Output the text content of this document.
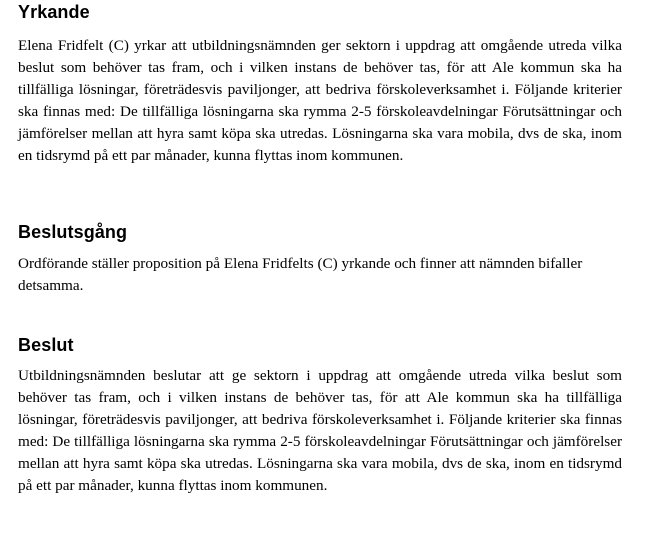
Yrkande

Elena Fridfelt (C) yrkar att utbildningsnämnden ger sektorn i uppdrag att omgående utreda vilka beslut som behöver tas fram, och i vilken instans de behöver tas, för att Ale kommun ska ha tillfälliga lösningar, företrädesvis paviljonger, att bedriva förskoleverksamhet i. Följande kriterier ska finnas med: De tillfälliga lösningarna ska rymma 2-5 förskoleavdelningar Förutsättningar och jämförelser mellan att hyra samt köpa ska utredas. Lösningarna ska vara mobila, dvs de ska, inom en tidsrymd på ett par månader, kunna flyttas inom kommunen.

Beslutsgång

Ordförande ställer proposition på Elena Fridfelts (C) yrkande och finner att nämnden bifaller detsamma.

Beslut

Utbildningsnämnden beslutar att ge sektorn i uppdrag att omgående utreda vilka beslut som behöver tas fram, och i vilken instans de behöver tas, för att Ale kommun ska ha tillfälliga lösningar, företrädesvis paviljonger, att bedriva förskoleverksamhet i. Följande kriterier ska finnas med: De tillfälliga lösningarna ska rymma 2-5 förskoleavdelningar Förutsättningar och jämförelser mellan att hyra samt köpa ska utredas. Lösningarna ska vara mobila, dvs de ska, inom en tidsrymd på ett par månader, kunna flyttas inom kommunen.
